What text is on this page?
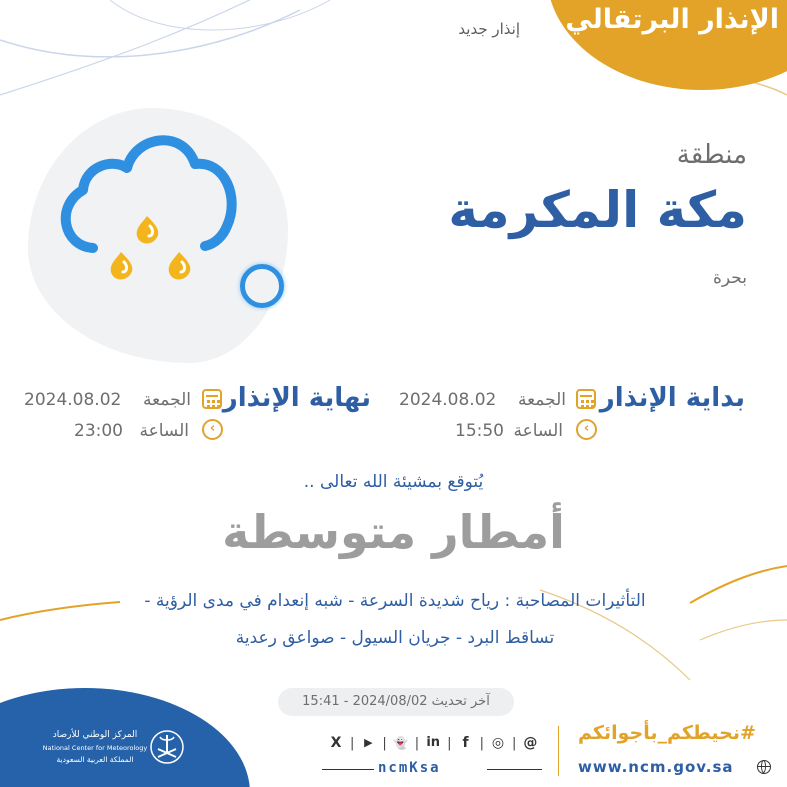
الإنذار البرتقالي
إنذار جديد
منطقة
مكة المكرمة
بحرة
بداية الإنذار
الجمعة
2024.08.02
‹
الساعة
15:50
نهاية الإنذار
الجمعة
2024.08.02
‹
الساعة
23:00
يُتوقع بمشيئة الله تعالى ..
أمطار متوسطة
التأثيرات المصاحبة : رياح شديدة السرعة - شبه إنعدام في مدى الرؤية -
تساقط البرد - جريان السيول - صواعق رعدية
آخر تحديث 2024/08/02 - 15:41
المركز الوطني للأرصاد
National Center for Meteorology
المملكة العربية السعودية
X | ▶ | 👻 | in | f | ◎ | @
ncmKsa
#نحيطكم_بأجوائكم
www.ncm.gov.sa
